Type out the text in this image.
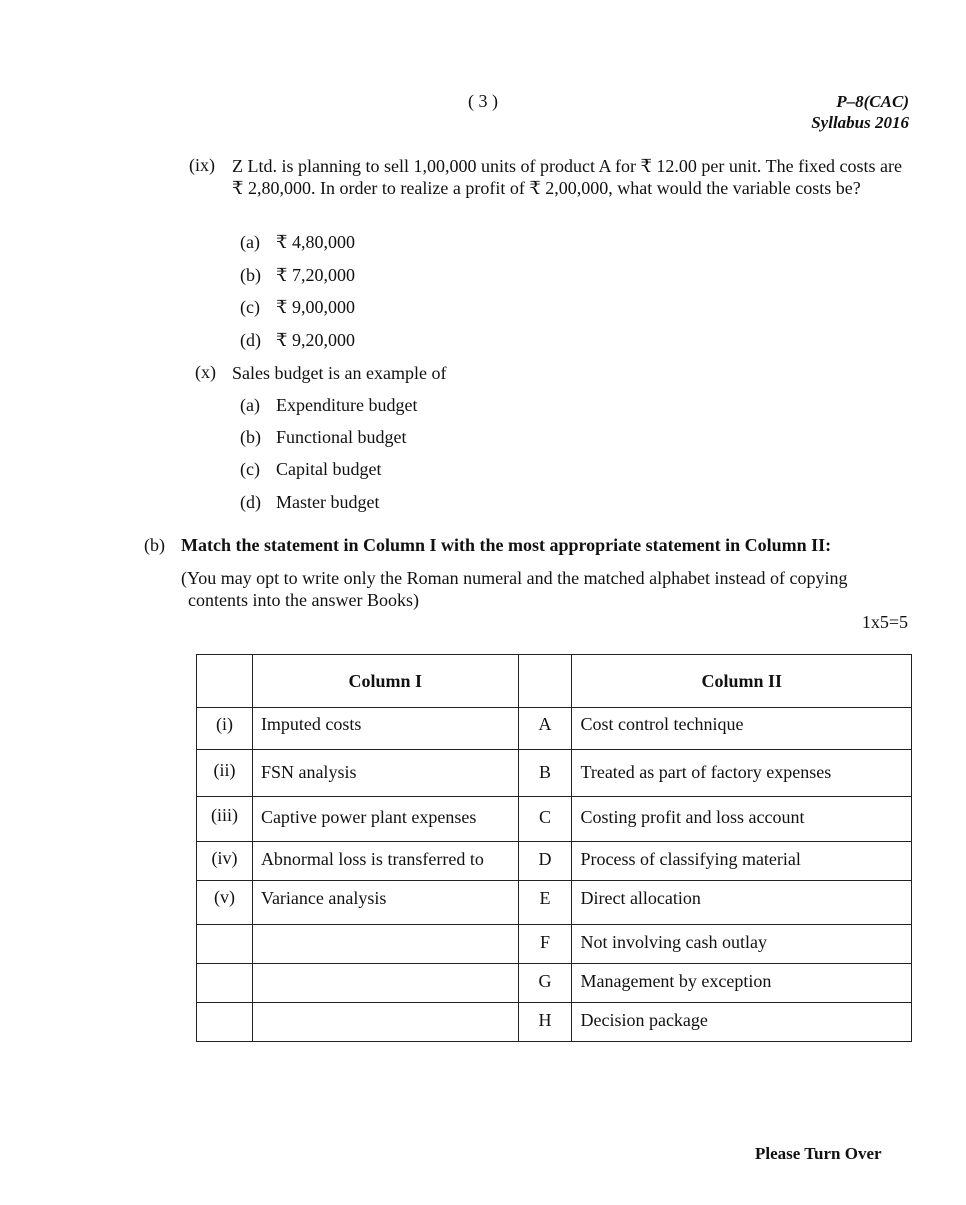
( 3 )	P–8(CAC)
Syllabus 2016
(ix) Z Ltd. is planning to sell 1,00,000 units of product A for ₹ 12.00 per unit. The fixed costs are ₹ 2,80,000. In order to realize a profit of ₹ 2,00,000, what would the variable costs be?
(a) ₹ 4,80,000
(b) ₹ 7,20,000
(c) ₹ 9,00,000
(d) ₹ 9,20,000
(x) Sales budget is an example of
(a) Expenditure budget
(b) Functional budget
(c) Capital budget
(d) Master budget
(b) Match the statement in Column I with the most appropriate statement in Column II:
(You may opt to write only the Roman numeral and the matched alphabet instead of copying
contents into the answer Books)
1x5=5
	Column I		Column II
(i)	Imputed costs	A	Cost control technique
(ii)	FSN analysis	B	Treated as part of factory expenses
(iii)	Captive power plant expenses	C	Costing profit and loss account
(iv)	Abnormal loss is transferred to	D	Process of classifying material
(v)	Variance analysis	E	Direct allocation
		F	Not involving cash outlay
		G	Management by exception
		H	Decision package
Please Turn Over
